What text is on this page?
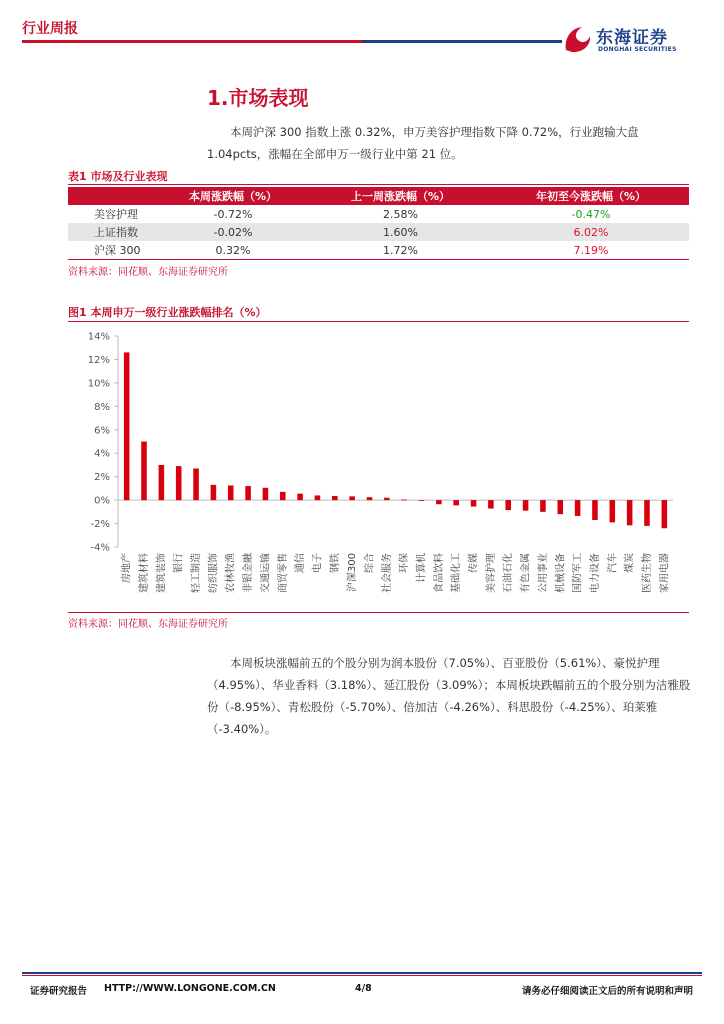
行业周报	东海证券
DONGHAI SECURITIES
1.市场表现
本周沪深 300 指数上涨 0.32%，申万美容护理指数下降 0.72%，行业跑输大盘 1.04pcts，涨幅在全部申万一级行业中第 21 位。
表1 市场及行业表现
	本周涨跌幅（%）	上一周涨跌幅（%）	年初至今涨跌幅（%）
美容护理	-0.72%	2.58%	-0.47%
上证指数	-0.02%	1.60%	6.02%
沪深 300	0.32%	1.72%	7.19%
资料来源：同花顺、东海证券研究所
图1 本周申万一级行业涨跌幅排名（%）
14%
12%
10%
8%
6%
4%
2%
0%
-2%
-4%
房地产 建筑材料 建筑装饰 银行 轻工制造 纺织服饰 农林牧渔 非银金融 交通运输 商贸零售 通信 电子 钢铁 沪深300 综合 社会服务 环保 计算机 食品饮料 基础化工 传媒 美容护理 石油石化 有色金属 公用事业 机械设备 国防军工 电力设备 汽车 煤炭 医药生物 家用电器
资料来源：同花顺、东海证券研究所
本周板块涨幅前五的个股分别为润本股份（7.05%）、百亚股份（5.61%）、豪悦护理（4.95%）、华业香料（3.18%）、延江股份（3.09%）；本周板块跌幅前五的个股分别为洁雅股份（-8.95%）、青松股份（-5.70%）、倍加洁（-4.26%）、科思股份（-4.25%）、珀莱雅（-3.40%）。
证券研究报告 HTTP://WWW.LONGONE.COM.CN	4/8	请务必仔细阅读正文后的所有说明和声明
